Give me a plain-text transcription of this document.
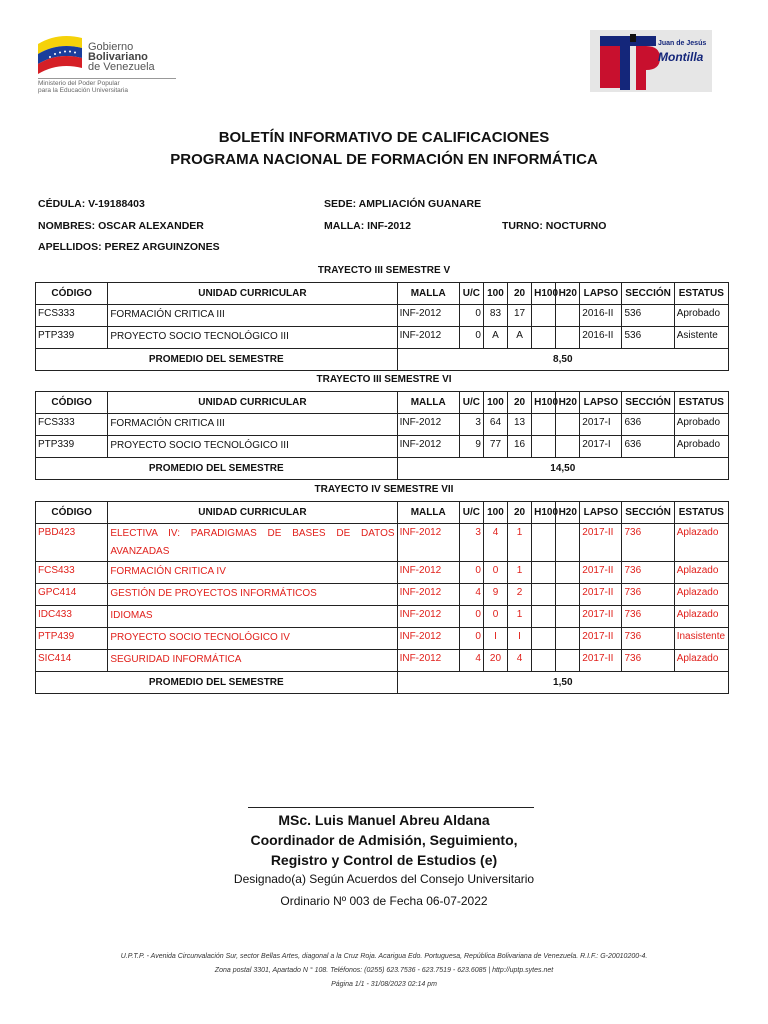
Gobierno
Bolivariano
de Venezuela
Ministerio del Poder Popular
para la Educación Universitaria
Juan de Jesús
Montilla
BOLETÍN INFORMATIVO DE CALIFICACIONES
PROGRAMA NACIONAL DE FORMACIÓN EN INFORMÁTICA
CÉDULA: V-19188403	SEDE: AMPLIACIÓN GUANARE
NOMBRES: OSCAR ALEXANDER	MALLA: INF-2012	TURNO: NOCTURNO
APELLIDOS: PEREZ ARGUINZONES
TRAYECTO III SEMESTRE V
TRAYECTO III SEMESTRE VI
TRAYECTO IV SEMESTRE VII
CÓDIGO	UNIDAD CURRICULAR	MALLA	U/C	100	20	H100	H20	LAPSO	SECCIÓN	ESTATUS
FCS333	FORMACIÓN CRITICA III	INF-2012	0	83	17			2016-II	536	Aprobado
PTP339	PROYECTO SOCIO TECNOLÓGICO III	INF-2012	0	A	A			2016-II	536	Asistente
PROMEDIO DEL SEMESTRE		8,50								
CÓDIGO	UNIDAD CURRICULAR	MALLA	U/C	100	20	H100	H20	LAPSO	SECCIÓN	ESTATUS
FCS333	FORMACIÓN CRITICA III	INF-2012	3	64	13			2017-I	636	Aprobado
PTP339	PROYECTO SOCIO TECNOLÓGICO III	INF-2012	9	77	16			2017-I	636	Aprobado
PROMEDIO DEL SEMESTRE		14,50								
CÓDIGO	UNIDAD CURRICULAR	MALLA	U/C	100	20	H100	H20	LAPSO	SECCIÓN	ESTATUS
PBD423	ELECTIVA IV: PARADIGMAS DE BASES DE DATOS AVANZADAS	INF-2012	3	4	1			2017-II	736	Aplazado
FCS433	FORMACIÓN CRITICA IV	INF-2012	0	0	1			2017-II	736	Aplazado
GPC414	GESTIÓN DE PROYECTOS INFORMÁTICOS	INF-2012	4	9	2			2017-II	736	Aplazado
IDC433	IDIOMAS	INF-2012	0	0	1			2017-II	736	Aplazado
PTP439	PROYECTO SOCIO TECNOLÓGICO IV	INF-2012	0	I	I			2017-II	736	Inasistente
SIC414	SEGURIDAD INFORMÁTICA	INF-2012	4	20	4			2017-II	736	Aplazado
PROMEDIO DEL SEMESTRE		1,50								
MSc. Luis Manuel Abreu Aldana
Coordinador de Admisión, Seguimiento,
Registro y Control de Estudios (e)
Designado(a) Según Acuerdos del Consejo Universitario
Ordinario Nº 003 de Fecha 06-07-2022
U.P.T.P. - Avenida Circunvalación Sur, sector Bellas Artes, diagonal a la Cruz Roja. Acarigua Edo. Portuguesa, República Bolivariana de Venezuela. R.I.F.: G-20010200-4.
Zona postal 3301, Apartado N ° 108. Teléfonos: (0255) 623.7536 - 623.7519 - 623.6085 | http://uptp.sytes.net
Página 1/1 - 31/08/2023 02:14 pm
